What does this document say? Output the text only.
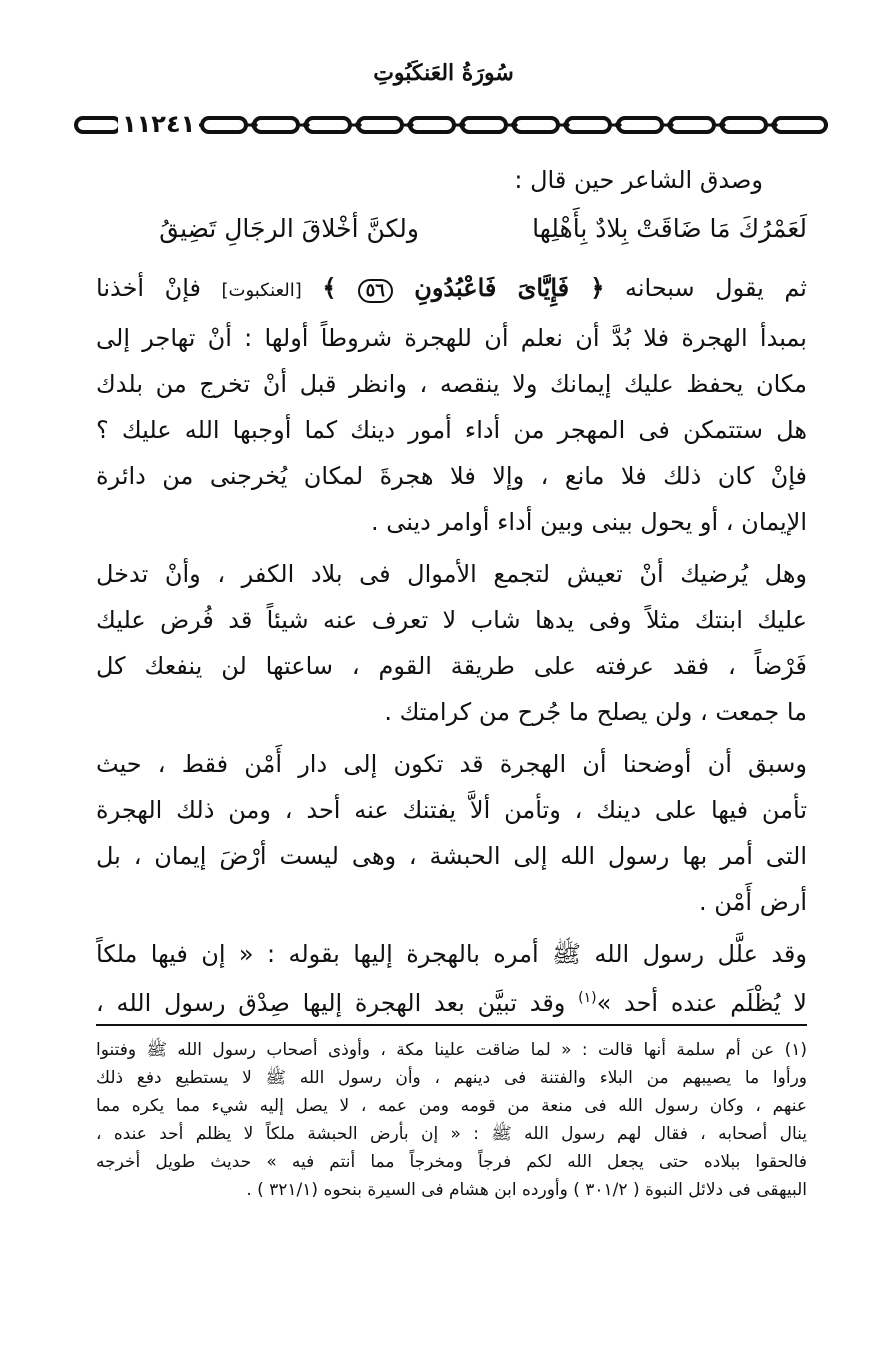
سُورَةُ العَنكَبُوتِ
١١٢٤١
وصدق الشاعر حين قال :
لَعَمْرُكَ مَا ضَاقَتْ بِلادٌ بِأَهْلِها
ولكنَّ أخْلاقَ الرجَالِ تَضِيقُ
ثم يقول سبحانه ﴿ فَإِيَّاىَ فَاعْبُدُونِ ٥٦ ﴾ [العنكبوت] فإنْ أخذنا
بمبدأ الهجرة فلا بُدَّ أن نعلم أن للهجرة شروطاً أولها : أنْ تهاجر إلى
مكان يحفظ عليك إيمانك ولا ينقصه ، وانظر قبل أنْ تخرج من بلدك
هل ستتمكن فى المهجر من أداء أمور دينك كما أوجبها الله عليك ؟
فإنْ كان ذلك فلا مانع ، وإلا فلا هجرةَ لمكان يُخرجنى من دائرة
الإيمان ، أو يحول بينى وبين أداء أوامر دينى .
وهل يُرضيك أنْ تعيش لتجمع الأموال فى بلاد الكفر ، وأنْ تدخل
عليك ابنتك مثلاً وفى يدها شاب لا تعرف عنه شيئاً قد فُرض عليك
فَرْضاً ، فقد عرفته على طريقة القوم ، ساعتها لن ينفعك كل
ما جمعت ، ولن يصلح ما جُرح من كرامتك .
وسبق أن أوضحنا أن الهجرة قد تكون إلى دار أَمْن فقط ، حيث
تأمن فيها على دينك ، وتأمن ألاَّ يفتنك عنه أحد ، ومن ذلك الهجرة
التى أمر بها رسول الله إلى الحبشة ، وهى ليست أرْضَ إيمان ، بل
أرض أَمْن .
وقد علَّل رسول الله ﷺ أمره بالهجرة إليها بقوله : « إن فيها ملكاً
لا يُظْلَم عنده أحد »$^{(١)}$ وقد تبيَّن بعد الهجرة إليها صِدْق رسول الله ،
(١) عن أم سلمة أنها قالت : « لما ضاقت علينا مكة ، وأوذى أصحاب رسول الله ﷺ وفتنوا
ورأوا ما يصيبهم من البلاء والفتنة فى دينهم ، وأن رسول الله ﷺ لا يستطيع دفع ذلك
عنهم ، وكان رسول الله فى منعة من قومه ومن عمه ، لا يصل إليه شيء مما يكره مما
ينال أصحابه ، فقال لهم رسول الله ﷺ : « إن بأرض الحبشة ملكاً لا يظلم أحد عنده ،
فالحقوا ببلاده حتى يجعل الله لكم فرجاً ومخرجاً مما أنتم فيه » حديث طويل أخرجه
البيهقى فى دلائل النبوة ( ٣٠١/٢ ) وأورده ابن هشام فى السيرة بنحوه (٣٢١/١ ) .
